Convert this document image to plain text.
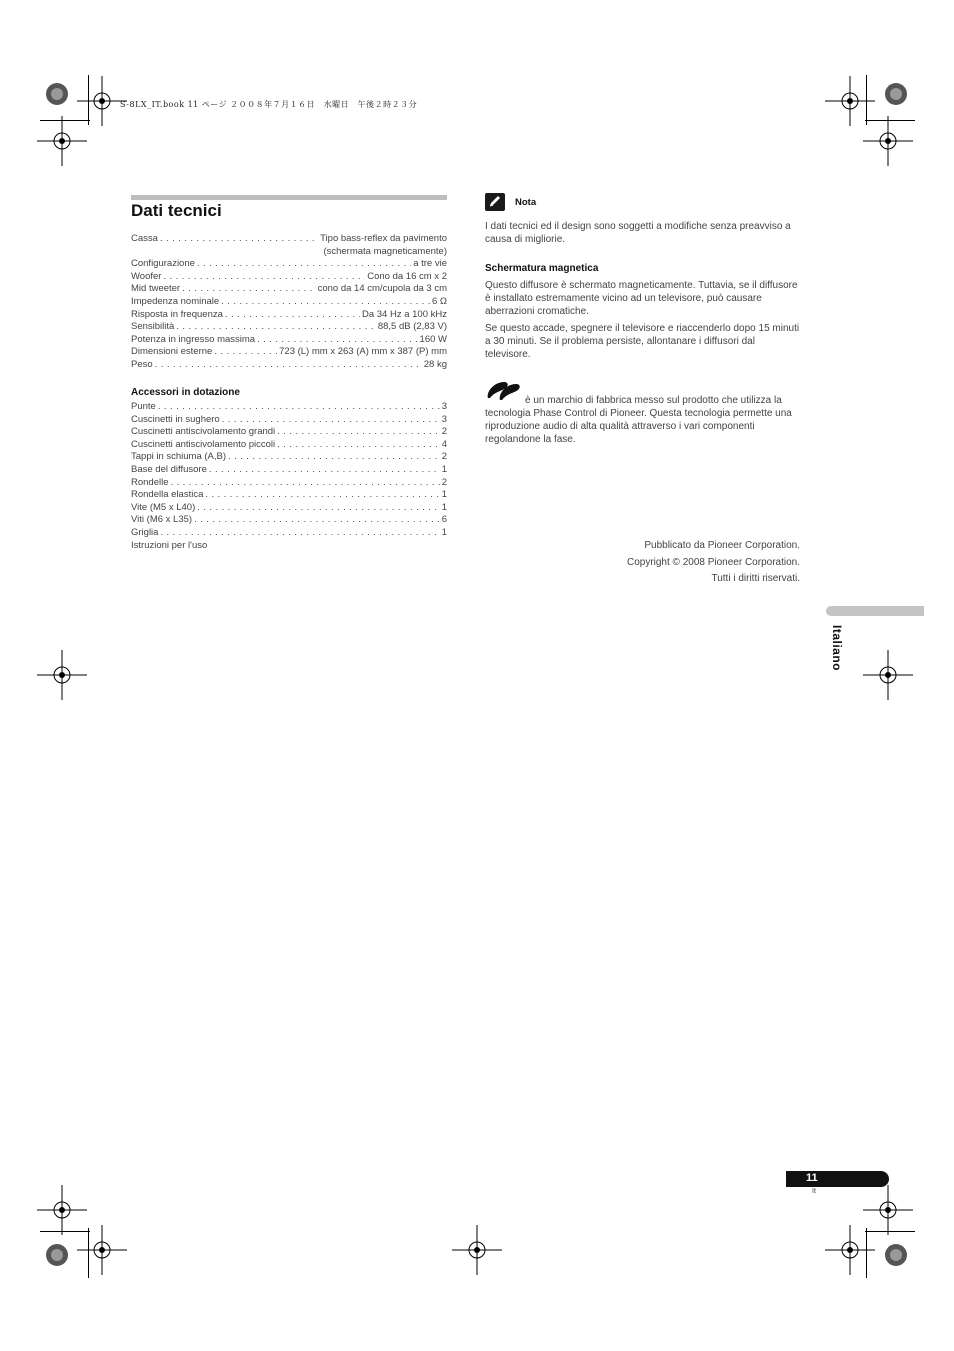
S-8LX_IT.book 11 ページ ２００８年７月１６日　水曜日　午後２時２３分
Dati tecnici
Cassa . . .	Tipo bass-reflex da pavimento
(schermata magneticamente)
Configurazione . . .	a tre vie
Woofer . . .	Cono da 16 cm x 2
Mid tweeter . . .	cono da 14 cm/cupola da 3 cm
Impedenza nominale . . .	6 Ω
Risposta in frequenza . . .	Da 34 Hz a 100 kHz
Sensibilità . . .	88,5 dB (2,83 V)
Potenza in ingresso massima . . .	160 W
Dimensioni esterne . . .	723 (L) mm x 263 (A) mm x 387 (P) mm
Peso . . .	28 kg
Accessori in dotazione
Punte . . .	3
Cuscinetti in sughero . . .	3
Cuscinetti antiscivolamento grandi . . .	2
Cuscinetti antiscivolamento piccoli . . .	4
Tappi in schiuma (A,B) . . .	2
Base del diffusore . . .	1
Rondelle . . .	2
Rondella elastica . . .	1
Vite (M5 x L40) . . .	1
Viti (M6 x L35) . . .	6
Griglia . . .	1
Istruzioni per l'uso
Nota

I dati tecnici ed il design sono soggetti a modifiche senza preavviso a causa di migliorie.

Schermatura magnetica

Questo diffusore è schermato magneticamente. Tuttavia, se il diffusore è installato estremamente vicino ad un televisore, può causare aberrazioni cromatiche.

Se questo accade, spegnere il televisore e riaccenderlo dopo 15 minuti a 30 minuti. Se il problema persiste, allontanare i diffusori dal televisore.

è un marchio di fabbrica messo sul prodotto che utilizza la tecnologia Phase Control di Pioneer. Questa tecnologia permette una riproduzione audio di alta qualità attraverso i vari componenti regolandone la fase.
Pubblicato da Pioneer Corporation.
Copyright © 2008 Pioneer Corporation.
Tutti i diritti riservati.
Italiano
11
It
